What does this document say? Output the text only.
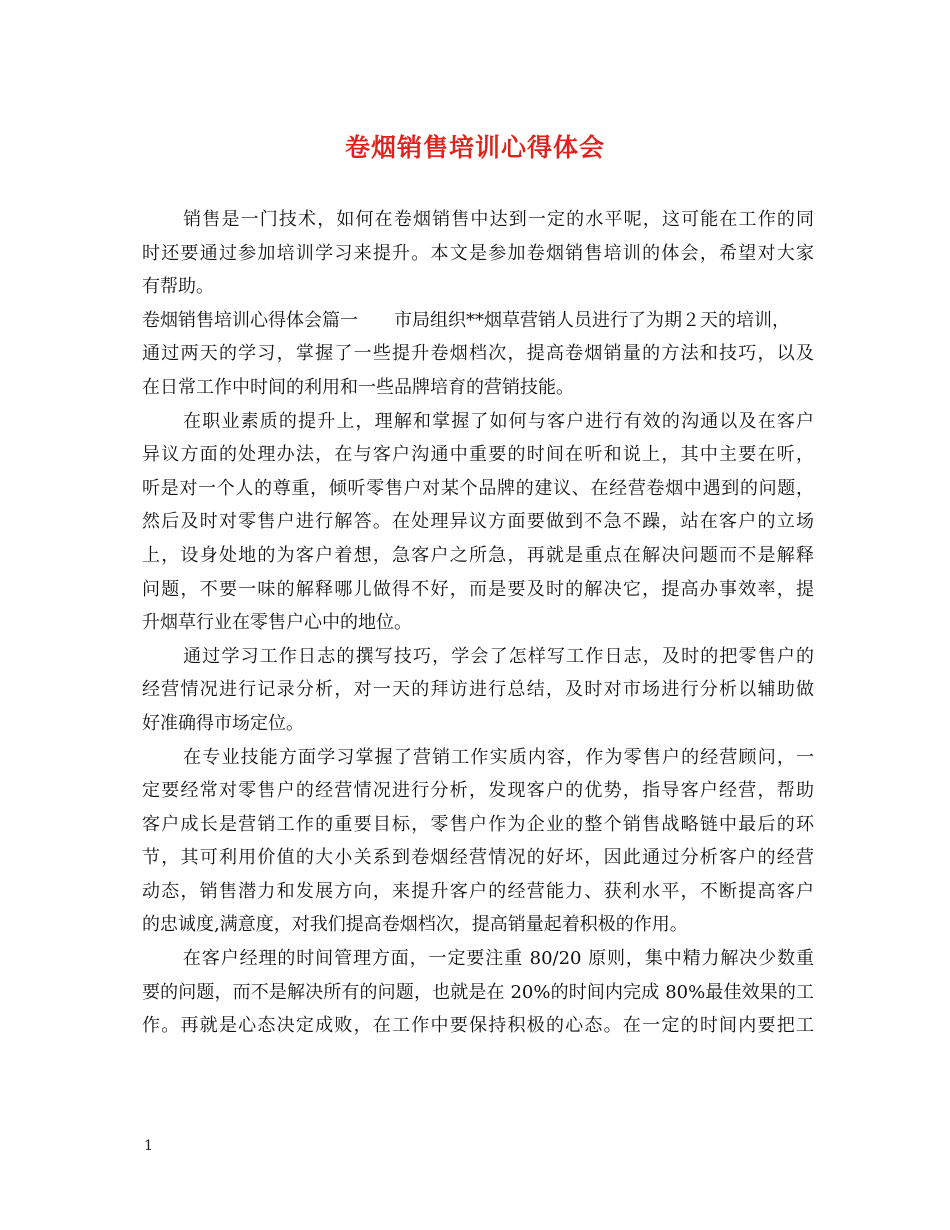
卷烟销售培训心得体会
销售是一门技术，如何在卷烟销售中达到一定的水平呢，这可能在工作的同
时还要通过参加培训学习来提升。本文是参加卷烟销售培训的体会，希望对大家
有帮助。
卷烟销售培训心得体会篇一　　市局组织**烟草营销人员进行了为期２天的培训，
通过两天的学习，掌握了一些提升卷烟档次，提高卷烟销量的方法和技巧，以及
在日常工作中时间的利用和一些品牌培育的营销技能。
在职业素质的提升上，理解和掌握了如何与客户进行有效的沟通以及在客户
异议方面的处理办法，在与客户沟通中重要的时间在听和说上，其中主要在听，
听是对一个人的尊重，倾听零售户对某个品牌的建议、在经营卷烟中遇到的问题，
然后及时对零售户进行解答。在处理异议方面要做到不急不躁，站在客户的立场
上，设身处地的为客户着想，急客户之所急，再就是重点在解决问题而不是解释
问题，不要一味的解释哪儿做得不好，而是要及时的解决它，提高办事效率，提
升烟草行业在零售户心中的地位。
通过学习工作日志的撰写技巧，学会了怎样写工作日志，及时的把零售户的
经营情况进行记录分析，对一天的拜访进行总结，及时对市场进行分析以辅助做
好准确得市场定位。
在专业技能方面学习掌握了营销工作实质内容，作为零售户的经营顾问，一
定要经常对零售户的经营情况进行分析，发现客户的优势，指导客户经营，帮助
客户成长是营销工作的重要目标，零售户作为企业的整个销售战略链中最后的环
节，其可利用价值的大小关系到卷烟经营情况的好坏，因此通过分析客户的经营
动态，销售潜力和发展方向，来提升客户的经营能力、获利水平，不断提高客户
的忠诚度,满意度，对我们提高卷烟档次，提高销量起着积极的作用。
在客户经理的时间管理方面，一定要注重 80/20 原则，集中精力解决少数重
要的问题，而不是解决所有的问题，也就是在 20%的时间内完成 80%最佳效果的工
作。再就是心态决定成败，在工作中要保持积极的心态。在一定的时间内要把工
1
